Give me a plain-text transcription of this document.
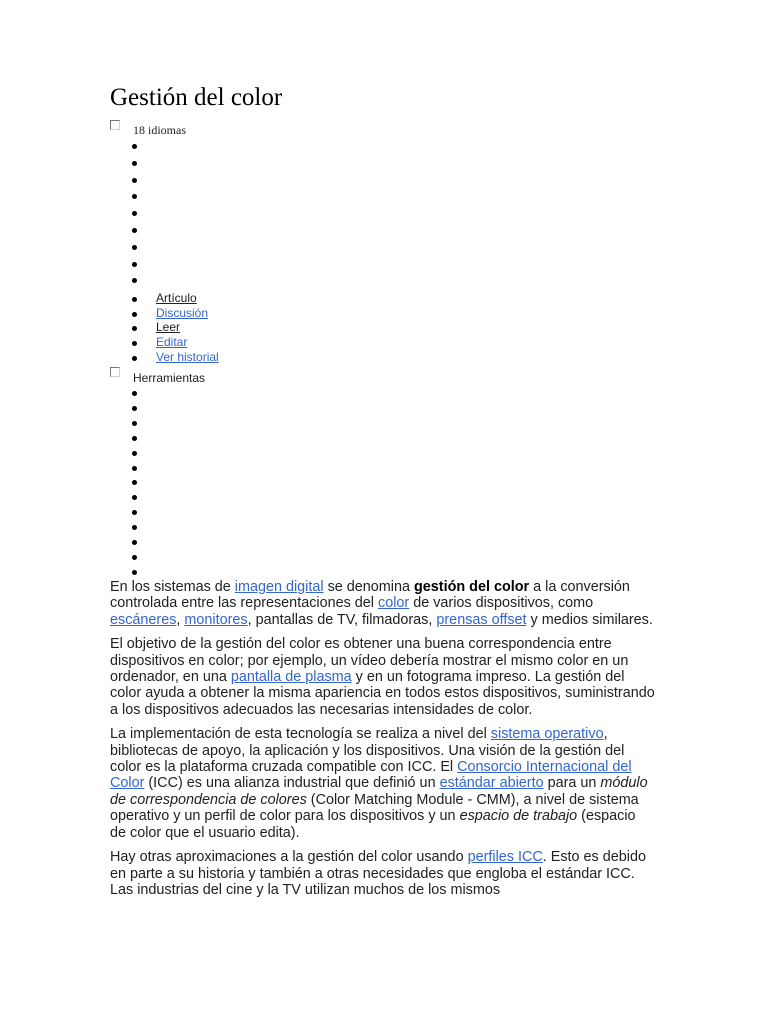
Gestión del color
18 idiomas
Artículo
Discusión
Leer
Editar
Ver historial
Herramientas

En los sistemas de imagen digital se denomina gestión del color a la conversión controlada entre las representaciones del color de varios dispositivos, como escáneres, monitores, pantallas de TV, filmadoras, prensas offset y medios similares.

El objetivo de la gestión del color es obtener una buena correspondencia entre dispositivos en color; por ejemplo, un vídeo debería mostrar el mismo color en un ordenador, en una pantalla de plasma y en un fotograma impreso. La gestión del color ayuda a obtener la misma apariencia en todos estos dispositivos, suministrando a los dispositivos adecuados las necesarias intensidades de color.

La implementación de esta tecnología se realiza a nivel del sistema operativo, bibliotecas de apoyo, la aplicación y los dispositivos. Una visión de la gestión del color es la plataforma cruzada compatible con ICC. El Consorcio Internacional del Color (ICC) es una alianza industrial que definió un estándar abierto para un módulo de correspondencia de colores (Color Matching Module - CMM), a nivel de sistema operativo y un perfil de color para los dispositivos y un espacio de trabajo (espacio de color que el usuario edita).

Hay otras aproximaciones a la gestión del color usando perfiles ICC. Esto es debido en parte a su historia y también a otras necesidades que engloba el estándar ICC. Las industrias del cine y la TV utilizan muchos de los mismos
